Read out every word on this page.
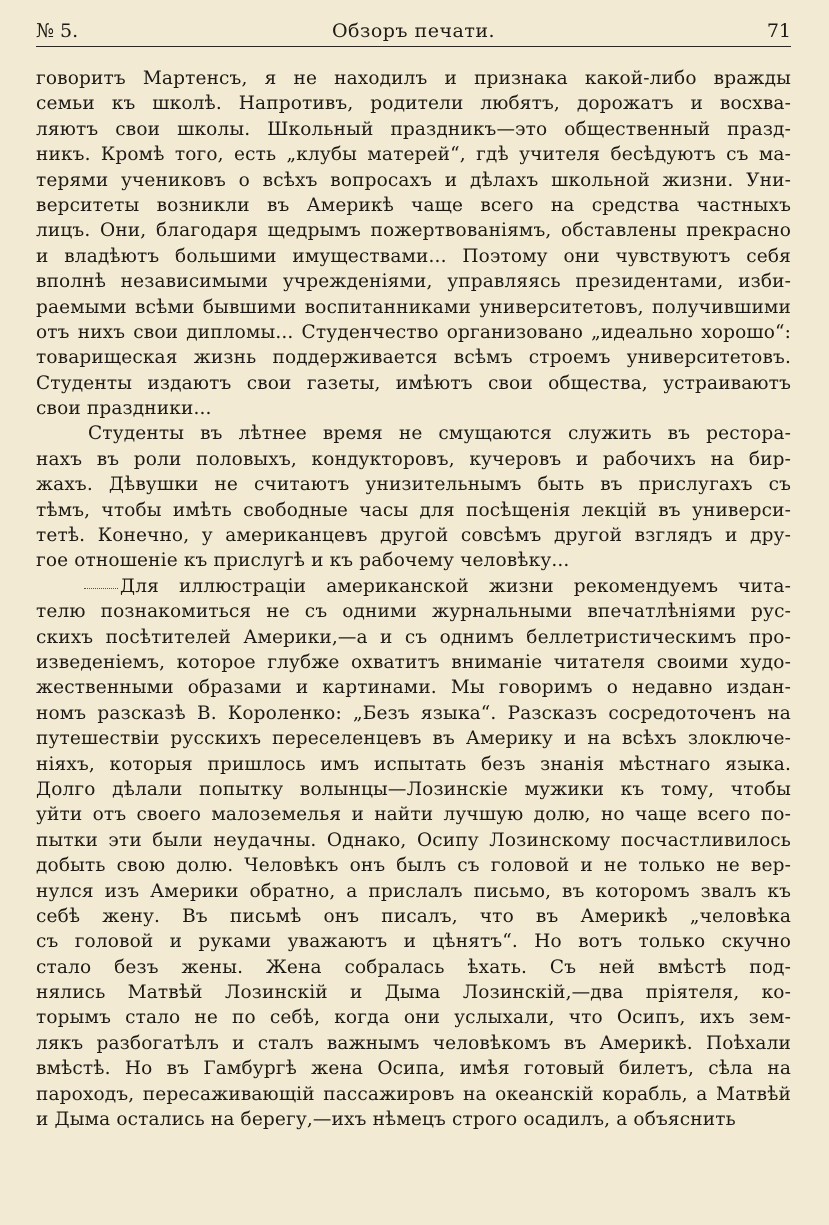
№ 5.	Обзоръ печати.	71
говоритъ Мартенсъ, я не находилъ и признака какой-либо вражды
семьи къ школѣ. Напротивъ, родители любятъ, дорожатъ и восхва-
ляютъ свои школы. Школьный праздникъ—это общественный празд-
никъ. Кромѣ того, есть „клубы матерей“, гдѣ учителя бесѣдуютъ съ ма-
терями учениковъ о всѣхъ вопросахъ и дѣлахъ школьной жизни. Уни-
верситеты возникли въ Америкѣ чаще всего на средства частныхъ
лицъ. Они, благодаря щедрымъ пожертвованiямъ, обставлены прекрасно
и владѣютъ большими имуществами... Поэтому они чувствуютъ себя
вполнѣ независимыми учрежденiями, управляясь президентами, изби-
раемыми всѣми бывшими воспитанниками университетовъ, получившими
отъ нихъ свои дипломы... Студенчество организовано „идеально хорошо“:
товарищеская жизнь поддерживается всѣмъ строемъ университетовъ.
Студенты издаютъ свои газеты, имѣютъ свои общества, устраиваютъ
свои праздники...
Студенты въ лѣтнее время не смущаются служить въ рестора-
нахъ въ роли половыхъ, кондукторовъ, кучеровъ и рабочихъ на бир-
жахъ. Дѣвушки не считаютъ унизительнымъ быть въ прислугахъ съ
тѣмъ, чтобы имѣть свободные часы для посѣщенiя лекцiй въ универси-
тетѣ. Конечно, у американцевъ другой совсѣмъ другой взглядъ и дру-
гое отношенiе къ прислугѣ и къ рабочему человѣку...
Для иллюстрацiи американской жизни рекомендуемъ чита-
телю познакомиться не съ одними журнальными впечатлѣнiями рус-
скихъ посѣтителей Америки,—а и съ однимъ беллетристическимъ про-
изведенiемъ, которое глубже охватитъ вниманiе читателя своими худо-
жественными образами и картинами. Мы говоримъ о недавно издан-
номъ разсказѣ В. Короленко: „Безъ языка“. Разсказъ сосредоточенъ на
путешествiи русскихъ переселенцевъ въ Америку и на всѣхъ злоключе-
нiяхъ, которыя пришлось имъ испытать безъ знанiя мѣстнаго языка.
Долго дѣлали попытку волынцы—Лозинскiе мужики къ тому, чтобы
уйти отъ своего малоземелья и найти лучшую долю, но чаще всего по-
пытки эти были неудачны. Однако, Осипу Лозинскому посчастливилось
добыть свою долю. Человѣкъ онъ былъ съ головой и не только не вер-
нулся изъ Америки обратно, а прислалъ письмо, въ которомъ звалъ къ
себѣ жену. Въ письмѣ онъ писалъ, что въ Америкѣ „человѣка
съ головой и руками уважаютъ и цѣнятъ“. Но вотъ только скучно
стало безъ жены. Жена собралась ѣхать. Съ ней вмѣстѣ под-
нялись Матвѣй Лозинскiй и Дыма Лозинскiй,—два прiятеля, ко-
торымъ стало не по себѣ, когда они услыхали, что Осипъ, ихъ зем-
лякъ разбогатѣлъ и сталъ важнымъ человѣкомъ въ Америкѣ. Поѣхали
вмѣстѣ. Но въ Гамбургѣ жена Осипа, имѣя готовый билетъ, сѣла на
пароходъ, пересаживающiй пассажировъ на океанскiй корабль, а Матвѣй
и Дыма остались на берегу,—ихъ нѣмецъ строго осадилъ, а объяснить
